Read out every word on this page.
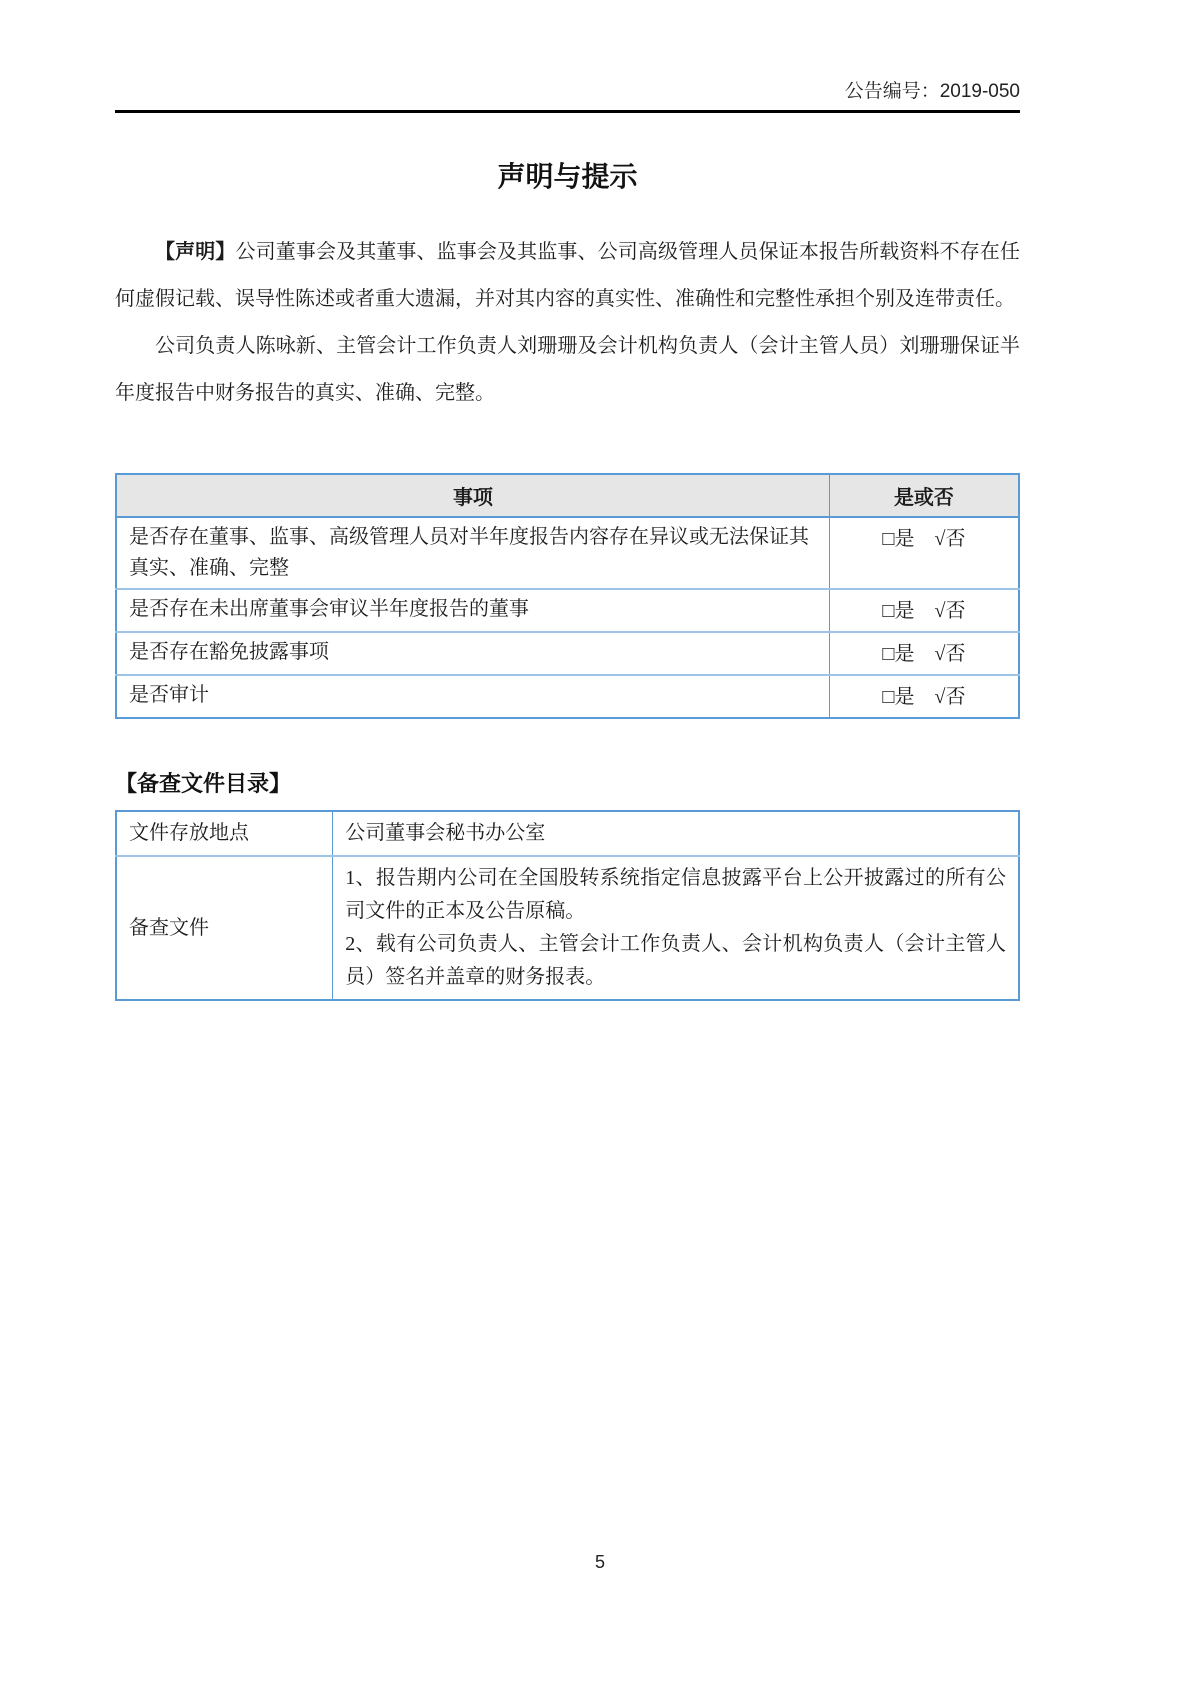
公告编号：2019-050
声明与提示

【声明】公司董事会及其董事、监事会及其监事、公司高级管理人员保证本报告所载资料不存在任何虚假记载、误导性陈述或者重大遗漏，并对其内容的真实性、准确性和完整性承担个别及连带责任。

公司负责人陈咏新、主管会计工作负责人刘珊珊及会计机构负责人（会计主管人员）刘珊珊保证半年度报告中财务报告的真实、准确、完整。

事项	是或否
是否存在董事、监事、高级管理人员对半年度报告内容存在异议或无法保证其真实、准确、完整	□是　√否
是否存在未出席董事会审议半年度报告的董事	□是　√否
是否存在豁免披露事项	□是　√否
是否审计	□是　√否
【备查文件目录】
文件存放地点	公司董事会秘书办公室

备查文件	1、报告期内公司在全国股转系统指定信息披露平台上公开披露过的所有公司文件的正本及公告原稿。

2、载有公司负责人、主管会计工作负责人、会计机构负责人（会计主管人员）签名并盖章的财务报表。

5
